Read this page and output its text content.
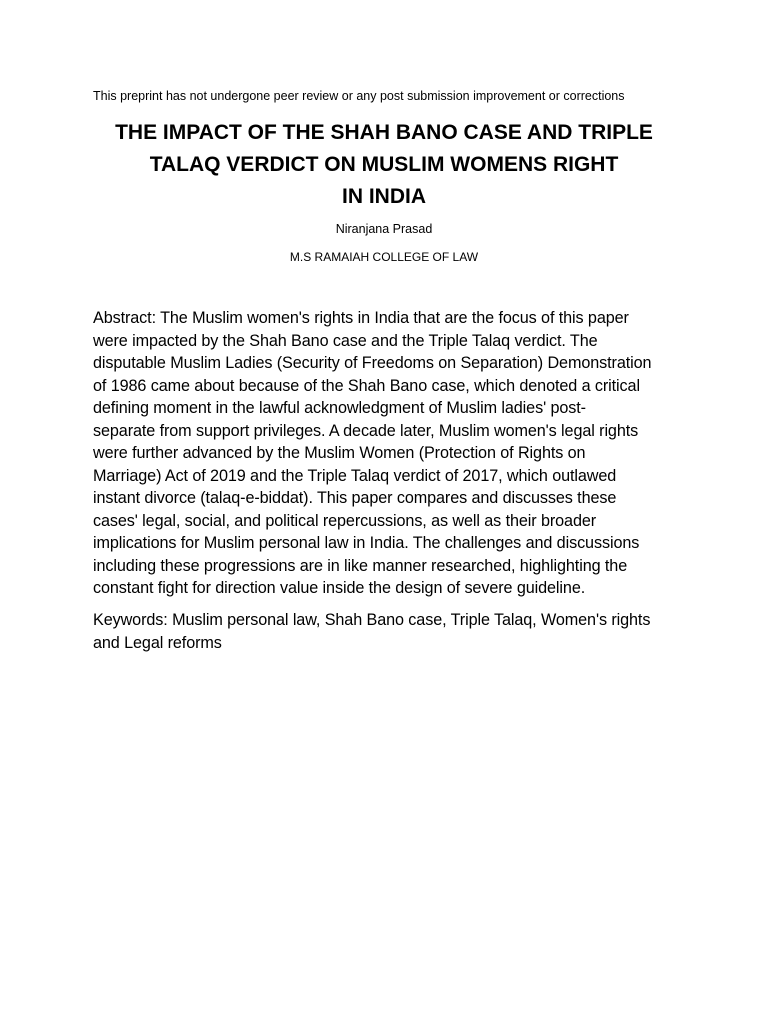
This preprint has not undergone peer review or any post submission improvement or corrections
THE IMPACT OF THE SHAH BANO CASE AND TRIPLE
TALAQ VERDICT ON MUSLIM WOMENS RIGHT
IN INDIA
Niranjana Prasad
M.S RAMAIAH COLLEGE OF LAW
Abstract: The Muslim women's rights in India that are the focus of this paper
were impacted by the Shah Bano case and the Triple Talaq verdict. The
disputable Muslim Ladies (Security of Freedoms on Separation) Demonstration
of 1986 came about because of the Shah Bano case, which denoted a critical
defining moment in the lawful acknowledgment of Muslim ladies' post-
separate from support privileges. A decade later, Muslim women's legal rights
were further advanced by the Muslim Women (Protection of Rights on
Marriage) Act of 2019 and the Triple Talaq verdict of 2017, which outlawed
instant divorce (talaq-e-biddat). This paper compares and discusses these
cases' legal, social, and political repercussions, as well as their broader
implications for Muslim personal law in India. The challenges and discussions
including these progressions are in like manner researched, highlighting the
constant fight for direction value inside the design of severe guideline.
Keywords: Muslim personal law, Shah Bano case, Triple Talaq, Women's rights
and Legal reforms
